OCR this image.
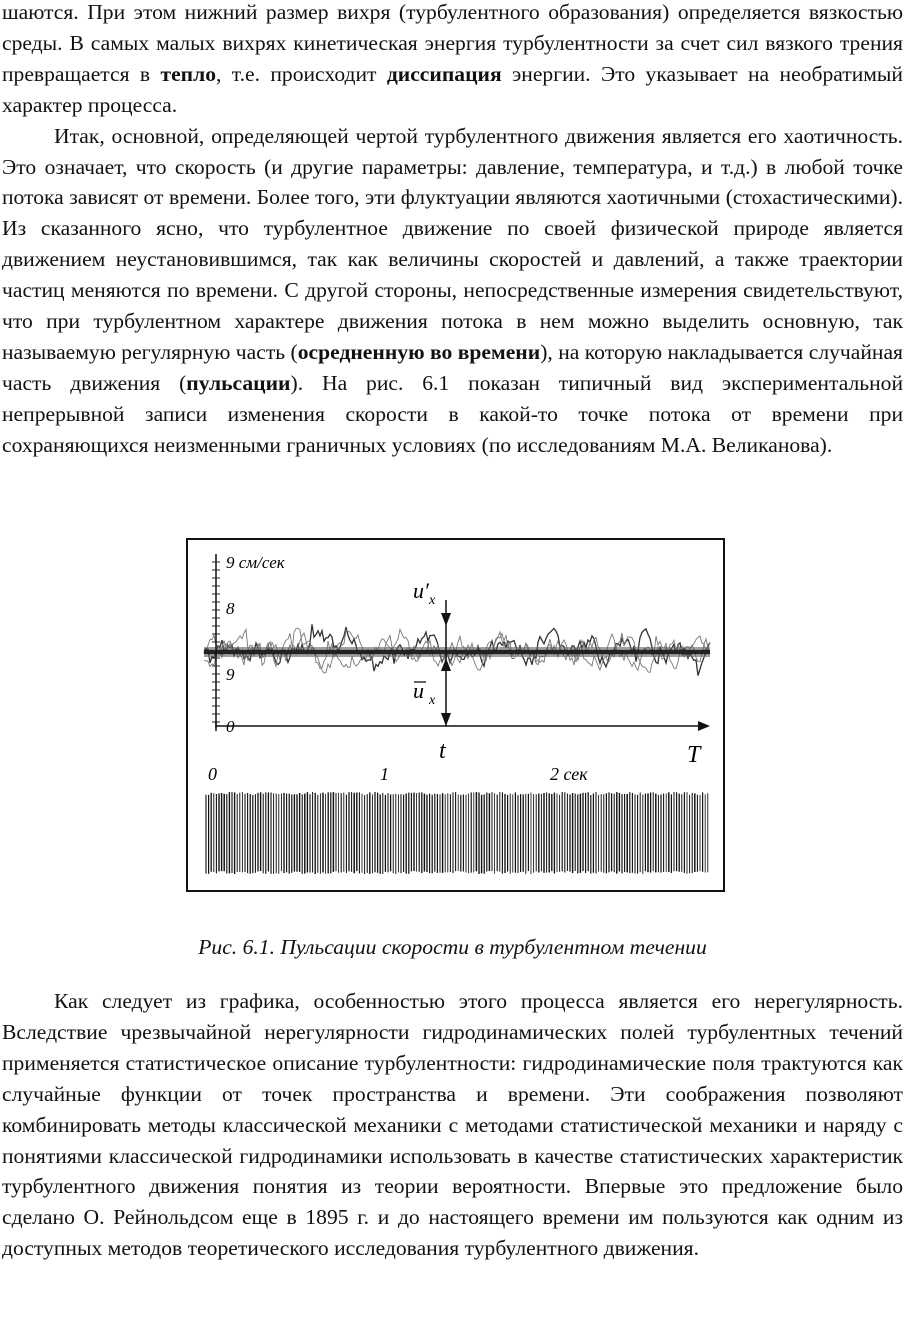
шаются. При этом нижний размер вихря (турбулентного образования) определяется вязкостью среды. В самых малых вихрях кинетическая энергия турбулентности за счет сил вязкого трения превращается в тепло, т.е. происходит диссипация энергии. Это указывает на необратимый характер процесса.

Итак, основной, определяющей чертой турбулентного движения является его хаотичность. Это означает, что скорость (и другие параметры: давление, температура, и т.д.) в любой точке потока зависят от времени. Более того, эти флуктуации являются хаотичными (стохастическими). Из сказанного ясно, что турбулентное движение по своей физической природе является движением неустановившимся, так как величины скоростей и давлений, а также траектории частиц меняются по времени. С другой стороны, непосредственные измерения свидетельствуют, что при турбулентном характере движения потока в нем можно выделить основную, так называемую регулярную часть (осредненную во времени), на которую накладывается случайная часть движения (пульсации). На рис. 6.1 показан типичный вид экспериментальной непрерывной записи изменения скорости в какой-то точке потока от времени при сохраняющихся неизменными граничных условиях (по исследованиям М.А. Великанова).

9 см/сек
8
9
0
u′ x
u x
t	T
0	1	2 сек
Рис. 6.1. Пульсации скорости в турбулентном течении

Как следует из графика, особенностью этого процесса является его нерегулярность. Вследствие чрезвычайной нерегулярности гидродинамических полей турбулентных течений применяется статистическое описание турбулентности: гидродинамические поля трактуются как случайные функции от точек пространства и времени. Эти соображения позволяют комбинировать методы классической механики с методами статистической механики и наряду с понятиями классической гидродинамики использовать в качестве статистических характеристик турбулентного движения понятия из теории вероятности. Впервые это предложение было сделано О. Рейнольдсом еще в 1895 г. и до настоящего времени им пользуются как одним из доступных методов теоретического исследования турбулентного движения.
